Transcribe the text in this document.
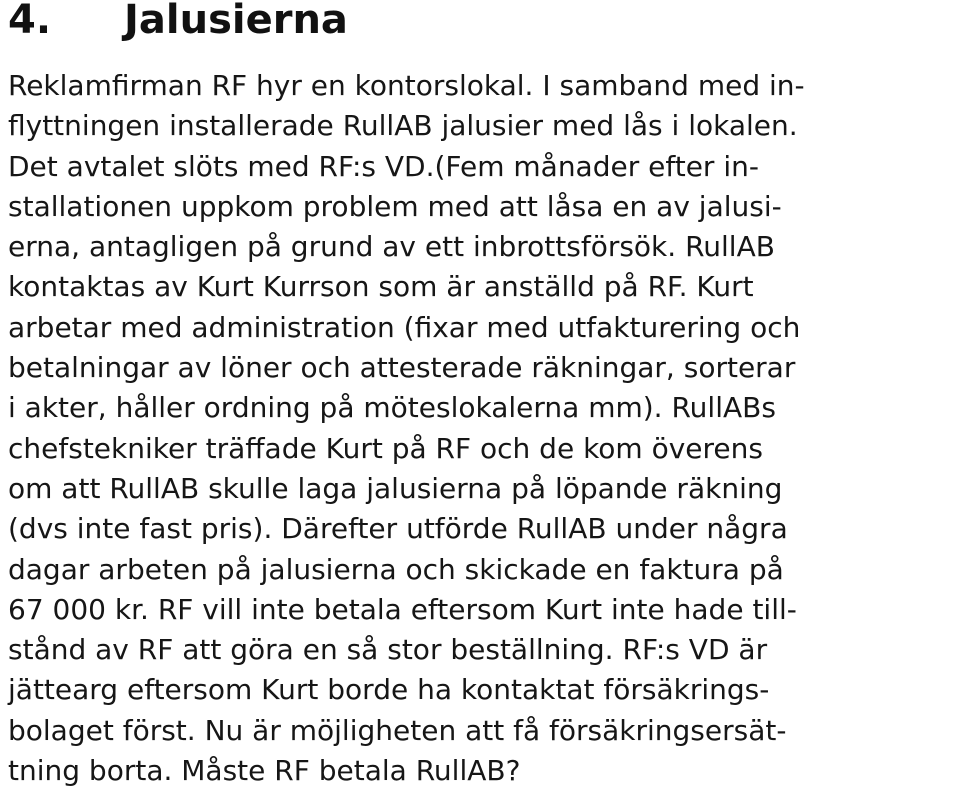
4. Jalusierna
Reklamfirman RF hyr en kontorslokal. I samband med in-
flyttningen installerade RullAB jalusier med lås i lokalen.
Det avtalet slöts med RF:s VD.(Fem månader efter in-
stallationen uppkom problem med att låsa en av jalusi-
erna, antagligen på grund av ett inbrottsförsök. RullAB
kontaktas av Kurt Kurrson som är anställd på RF. Kurt
arbetar med administration (fixar med utfakturering och
betalningar av löner och attesterade räkningar, sorterar
i akter, håller ordning på möteslokalerna mm). RullABs
chefstekniker träffade Kurt på RF och de kom överens
om att RullAB skulle laga jalusierna på löpande räkning
(dvs inte fast pris). Därefter utförde RullAB under några
dagar arbeten på jalusierna och skickade en faktura på
67 000 kr. RF vill inte betala eftersom Kurt inte hade till-
stånd av RF att göra en så stor beställning. RF:s VD är
jättearg eftersom Kurt borde ha kontaktat försäkrings-
bolaget först. Nu är möjligheten att få försäkringsersät-
tning borta. Måste RF betala RullAB?
